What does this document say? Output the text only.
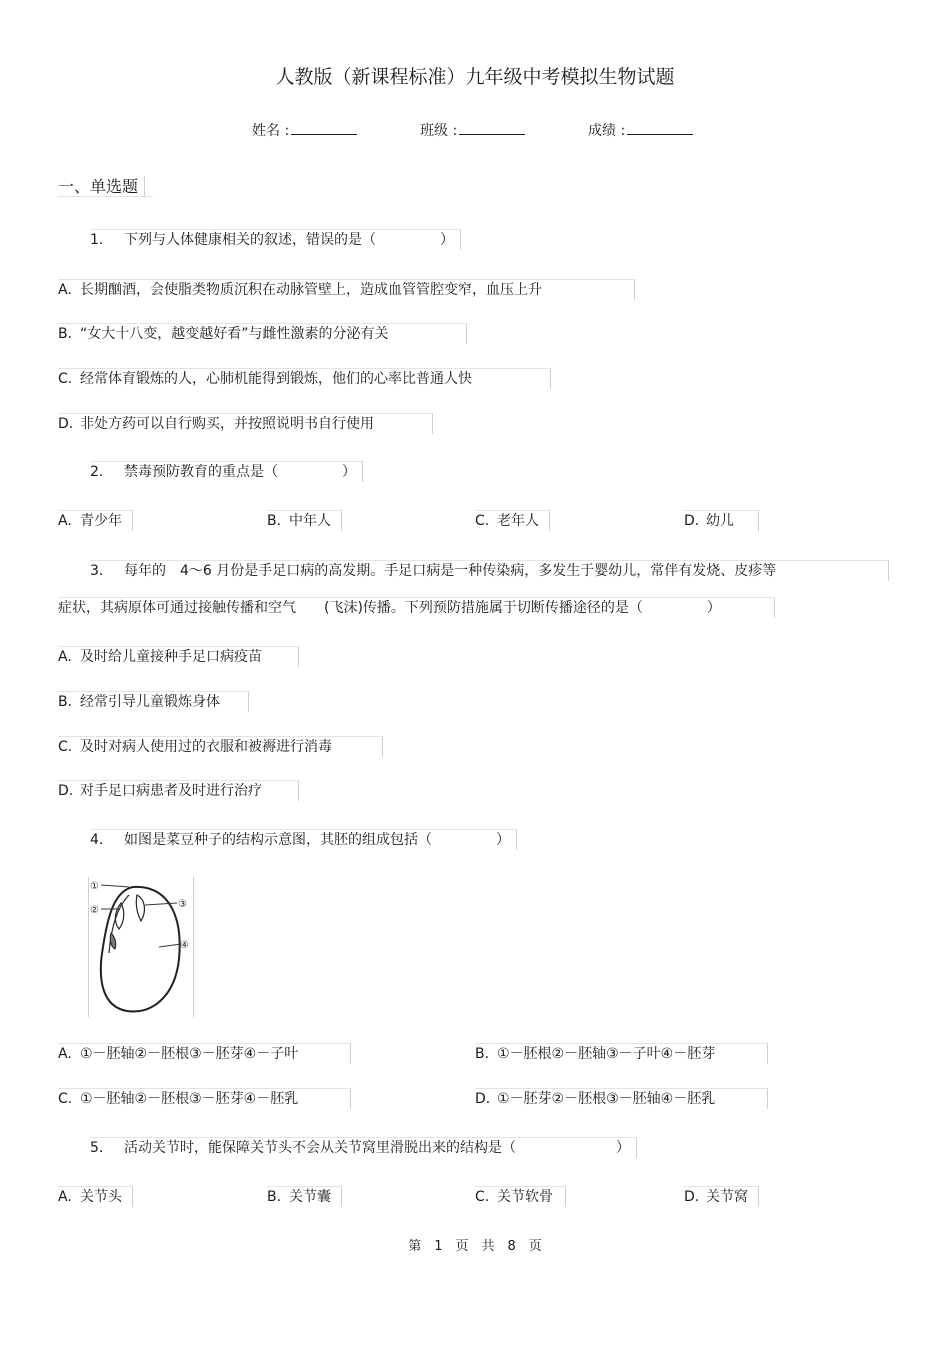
人教版（新课程标准）九年级中考模拟生物试题
姓名 :	班级 :	成绩 :
一、单选题
1． 下列与人体健康相关的叙述，错误的是（	）
A. 长期酗酒，会使脂类物质沉积在动脉管壁上，造成血管管腔变窄，血压上升
B. “女大十八变，越变越好看”与雌性激素的分泌有关
C. 经常体育锻炼的人，心肺机能得到锻炼，他们的心率比普通人快
D. 非处方药可以自行购买，并按照说明书自行使用
2． 禁毒预防教育的重点是（	）
A. 青少年	B. 中年人	C. 老年人	D. 幼儿
3． 每年的　4～6 月份是手足口病的高发期。手足口病是一种传染病，多发生于婴幼儿，常伴有发烧、皮疹等
症状，其病原体可通过接触传播和空气　　(飞沫)传播。下列预防措施属于切断传播途径的是（	）
A. 及时给儿童接种手足口病疫苗
B. 经常引导儿童锻炼身体
C. 及时对病人使用过的衣服和被褥进行消毒
D. 对手足口病患者及时进行治疗
4． 如图是菜豆种子的结构示意图，其胚的组成包括（	）
①
②
③
④
A. ①－胚轴②－胚根③－胚芽④－子叶	B. ①－胚根②－胚轴③－子叶④－胚芽
C. ①－胚轴②－胚根③－胚芽④－胚乳	D. ①－胚芽②－胚根③－胚轴④－胚乳
5． 活动关节时，能保障关节头不会从关节窝里滑脱出来的结构是（	）
A. 关节头	B. 关节囊	C. 关节软骨	D. 关节窝
第　1　页　共　8　页
